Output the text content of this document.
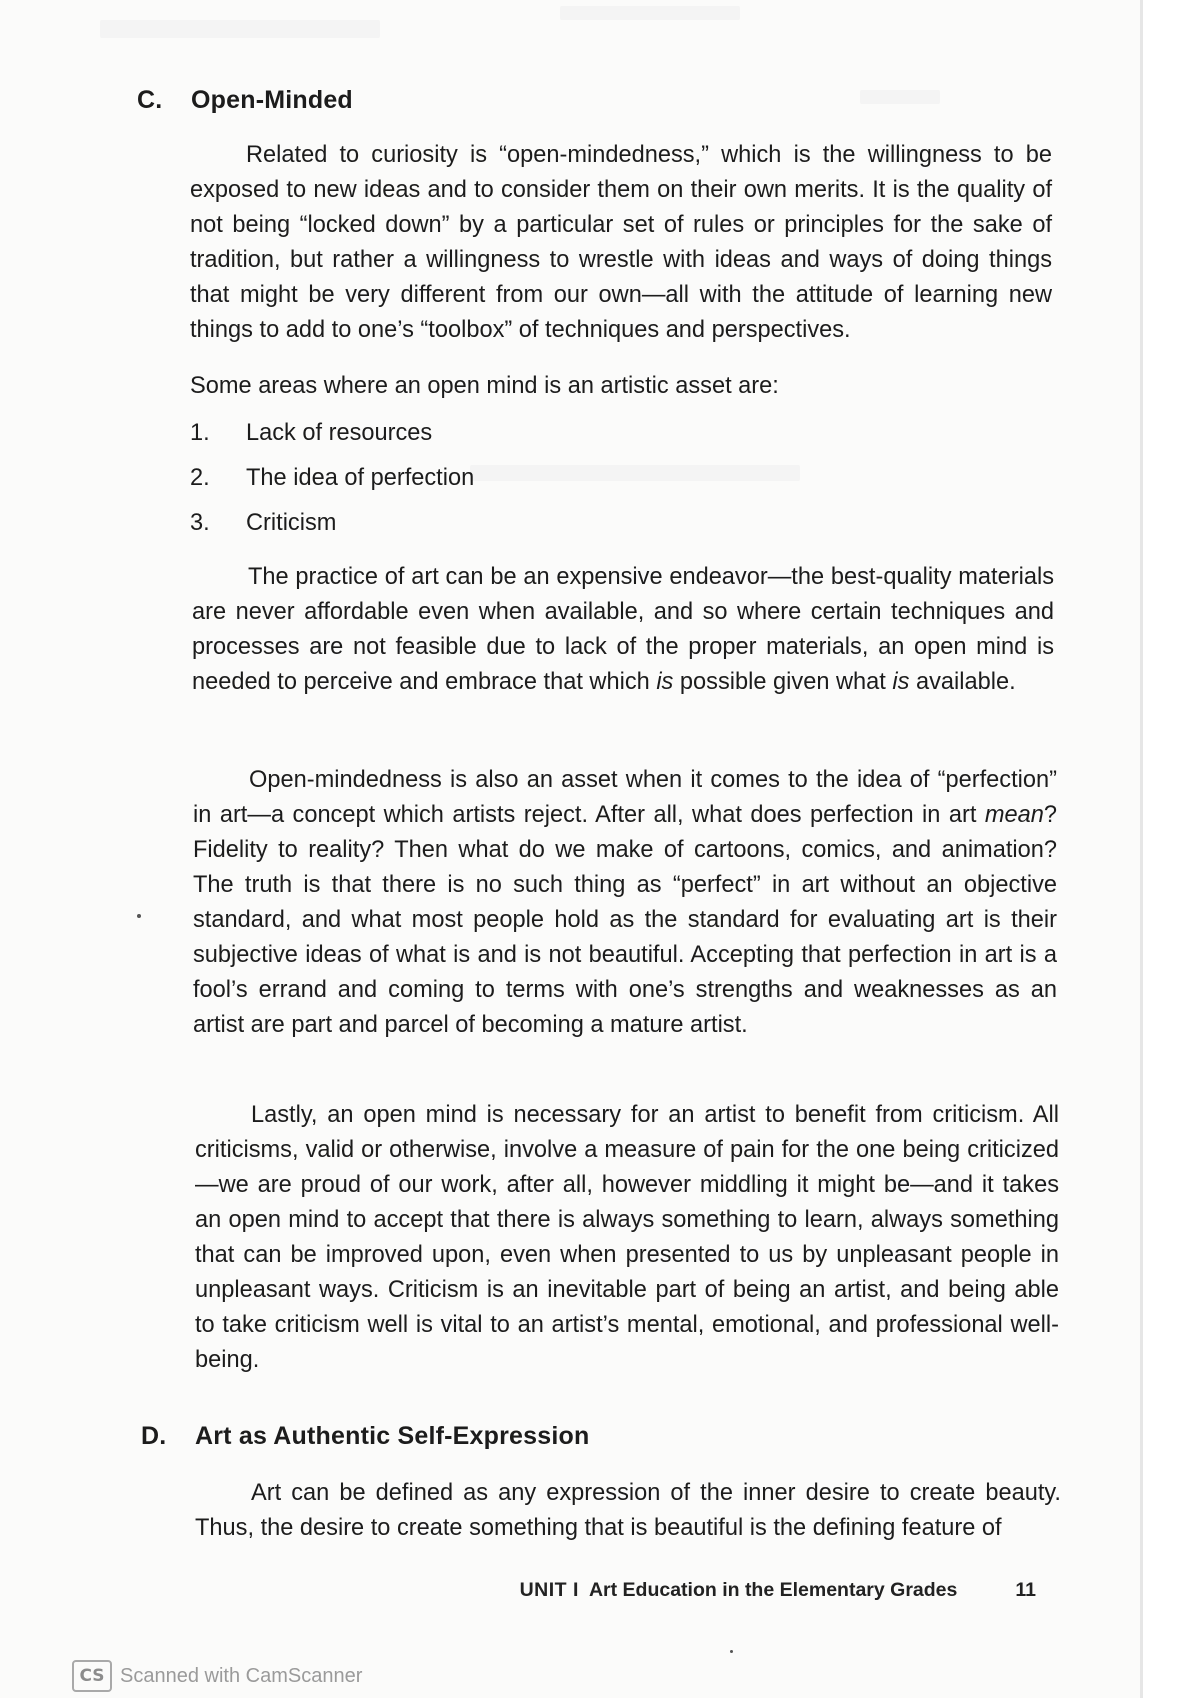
C. Open-Minded

Related to curiosity is “open-mindedness,” which is the willingness to be exposed to new ideas and to consider them on their own merits. It is the quality of not being “locked down” by a particular set of rules or principles for the sake of tradition, but rather a willingness to wrestle with ideas and ways of doing things that might be very different from our own—all with the attitude of learning new things to add to one’s “toolbox” of techniques and perspectives.

Some areas where an open mind is an artistic asset are:

1. Lack of resources
2. The idea of perfection
3. Criticism

The practice of art can be an expensive endeavor—the best-quality materials are never affordable even when available, and so where certain techniques and processes are not feasible due to lack of the proper materials, an open mind is needed to perceive and embrace that which is possible given what is available.

Open-mindedness is also an asset when it comes to the idea of “perfection” in art—a concept which artists reject. After all, what does perfection in art mean? Fidelity to reality? Then what do we make of cartoons, comics, and animation? The truth is that there is no such thing as “perfect” in art without an objective standard, and what most people hold as the standard for evaluating art is their subjective ideas of what is and is not beautiful. Accepting that perfection in art is a fool’s errand and coming to terms with one’s strengths and weaknesses as an artist are part and parcel of becoming a mature artist.

Lastly, an open mind is necessary for an artist to benefit from criticism. All criticisms, valid or otherwise, involve a measure of pain for the one being criticized—we are proud of our work, after all, however middling it might be—and it takes an open mind to accept that there is always something to learn, always something that can be improved upon, even when presented to us by unpleasant people in unpleasant ways. Criticism is an inevitable part of being an artist, and being able to take criticism well is vital to an artist’s mental, emotional, and professional well-being.

D. Art as Authentic Self-Expression

Art can be defined as any expression of the inner desire to create beauty. Thus, the desire to create something that is beautiful is the defining feature of

UNIT I Art Education in the Elementary Grades	11
CS Scanned with CamScanner
